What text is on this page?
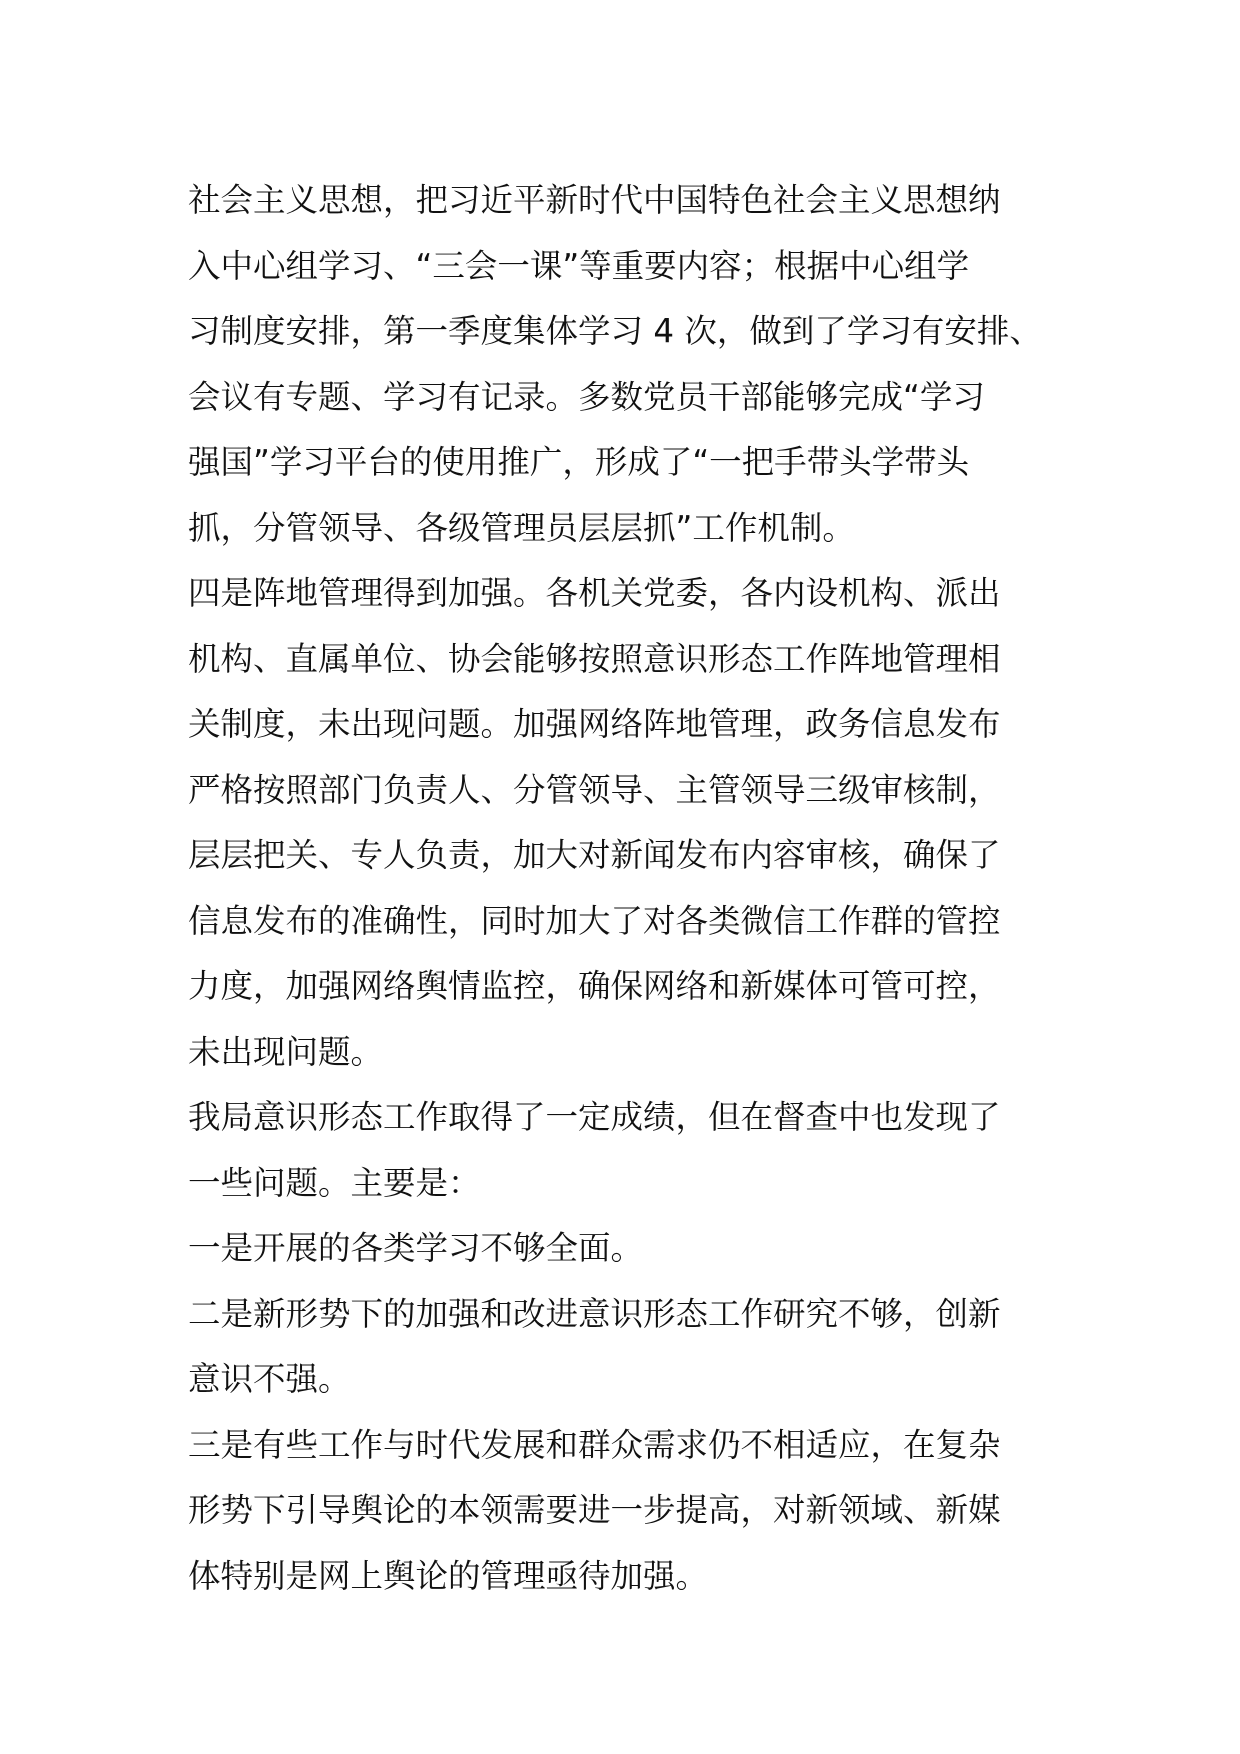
社会主义思想，把习近平新时代中国特色社会主义思想纳
入中心组学习、“三会一课”等重要内容；根据中心组学
习制度安排，第一季度集体学习 4 次，做到了学习有安排、
会议有专题、学习有记录。多数党员干部能够完成“学习
强国”学习平台的使用推广，形成了“一把手带头学带头
抓，分管领导、各级管理员层层抓”工作机制。

四是阵地管理得到加强。各机关党委，各内设机构、派出
机构、直属单位、协会能够按照意识形态工作阵地管理相
关制度，未出现问题。加强网络阵地管理，政务信息发布
严格按照部门负责人、分管领导、主管领导三级审核制，
层层把关、专人负责，加大对新闻发布内容审核，确保了
信息发布的准确性，同时加大了对各类微信工作群的管控
力度，加强网络舆情监控，确保网络和新媒体可管可控，
未出现问题。

我局意识形态工作取得了一定成绩，但在督查中也发现了
一些问题。主要是：

一是开展的各类学习不够全面。

二是新形势下的加强和改进意识形态工作研究不够，创新
意识不强。

三是有些工作与时代发展和群众需求仍不相适应，在复杂
形势下引导舆论的本领需要进一步提高，对新领域、新媒
体特别是网上舆论的管理亟待加强。
